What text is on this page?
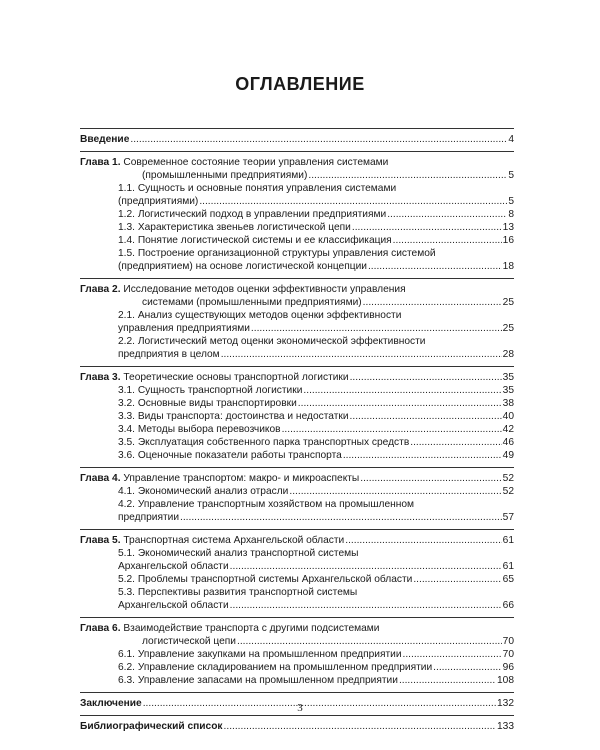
ОГЛАВЛЕНИЕ
Введение .....	4
Глава 1. Современное состояние теории управления системами
(промышленными предприятиями) .....	5
1.1. Сущность и основные понятия управления системами
(предприятиями) .....	5
1.2. Логистический подход в управлении предприятиями .....	8
1.3. Характеристика звеньев логистической цепи .....	13
1.4. Понятие логистической системы и ее классификация .....	16
1.5. Построение организационной структуры управления системой
(предприятием) на основе логистической концепции .....	18
Глава 2. Исследование методов оценки эффективности управления
системами (промышленными предприятиями) .....	25
2.1. Анализ существующих методов оценки эффективности
управления предприятиями .....	25
2.2. Логистический метод оценки экономической эффективности
предприятия в целом .....	28
Глава 3. Теоретические основы транспортной логистики .....	35
3.1. Сущность транспортной логистики .....	35
3.2. Основные виды транспортировки .....	38
3.3. Виды транспорта: достоинства и недостатки .....	40
3.4. Методы выбора перевозчиков .....	42
3.5. Эксплуатация собственного парка транспортных средств .....	46
3.6. Оценочные показатели работы транспорта .....	49
Глава 4. Управление транспортом: макро- и микроаспекты .....	52
4.1. Экономический анализ отрасли .....	52
4.2. Управление транспортным хозяйством на промышленном
предприятии .....	57
Глава 5. Транспортная система Архангельской области .....	61
5.1. Экономический анализ транспортной системы
Архангельской области .....	61
5.2. Проблемы транспортной системы Архангельской области .....	65
5.3. Перспективы развития транспортной системы
Архангельской области .....	66
Глава 6. Взаимодействие транспорта с другими подсистемами
логистической цепи .....	70
6.1. Управление закупками на промышленном предприятии .....	70
6.2. Управление складированием на промышленном предприятии .....	96
6.3. Управление запасами на промышленном предприятии .....	108
Заключение .....	132
Библиографический список .....	133
3
